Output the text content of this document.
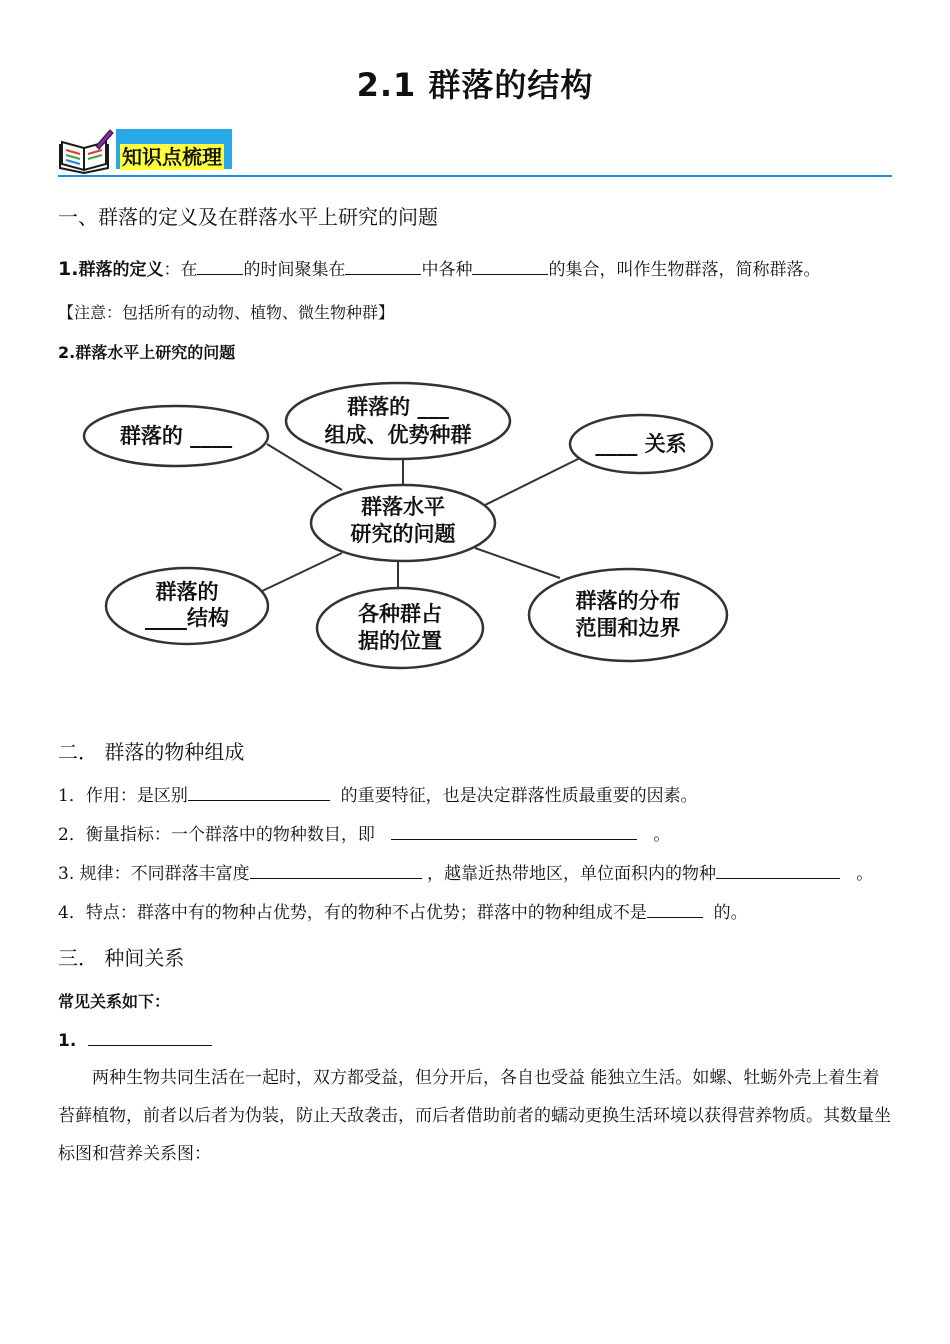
2.1 群落的结构
知识点梳理
一、群落的定义及在群落水平上研究的问题
1.群落的定义：在	的时间聚集在	中各种	的集合，叫作生物群落，简称群落。
【注意：包括所有的动物、植物、微生物种群】
2.群落水平上研究的问题
群落水平
研究的问题
群落的 ___
组成、优势种群
群落的 ____	____ 关系
群落的
____结构	各种群占
据的位置
群落的分布
范围和边界
二． 群落的物种组成
1．作用：是区别	的重要特征，也是决定群落性质最重要的因素。
2．衡量指标：一个群落中的物种数目，即	。
3. 规律：不同群落丰富度	，越靠近热带地区，单位面积内的物种	。
4．特点：群落中有的物种占优势，有的物种不占优势；群落中的物种组成不是	的。
三． 种间关系
常见关系如下：
1.
两种生物共同生活在一起时，双方都受益，但分开后，各自也受益 能独立生活。如螺、牡蛎外壳上着生着苔藓植物，前者以后者为伪装，防止天敌袭击，而后者借助前者的蠕动更换生活环境以获得营养物质。其数量坐标图和营养关系图：
